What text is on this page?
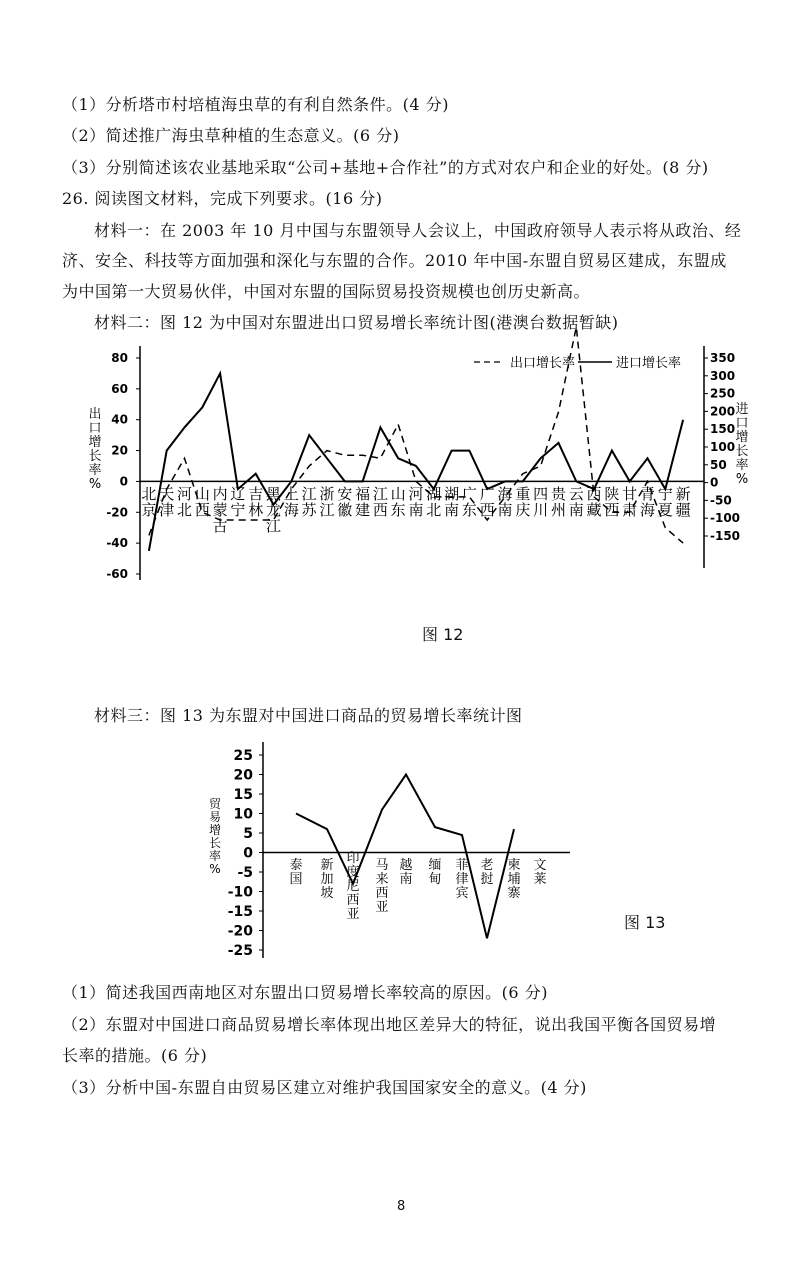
（1）分析塔市村培植海虫草的有利自然条件。(4 分)
（2）简述推广海虫草种植的生态意义。(6 分)
（3）分别简述该农业基地采取“公司+基地+合作社”的方式对农户和企业的好处。(8 分)
26. 阅读图文材料，完成下列要求。(16 分)
材料一：在 2003 年 10 月中国与东盟领导人会议上，中国政府领导人表示将从政治、经
济、安全、科技等方面加强和深化与东盟的合作。2010 年中国-东盟自贸易区建成，东盟成
为中国第一大贸易伙伴，中国对东盟的国际贸易投资规模也创历史新高。
材料二：图 12 为中国对东盟进出口贸易增长率统计图(港澳台数据暂缺)
80
60
40
20
0
-20
-40
-60
350
300
250
200
150
100
50
0
-50
-100
-150
出口增长率%
进口增长率%
出口增长率	进口增长率
北京
天津
河北
山西
内蒙古
辽宁
吉林
黑龙江
上海
江苏
浙江
安徽
福建
江西
山东
河南
湖北
湖南
广东
广西
海南
重庆
四川
贵州
云南
西藏
陕西
甘肃
青海
宁夏
新疆
图 12
材料三：图 13 为东盟对中国进口商品的贸易增长率统计图
25
20
15
10
5
0
-5
-10
-15
-20
-25
贸易增长率%	泰国
新加坡
印度尼西亚
马来西亚
越南
缅甸
菲律宾
老挝
柬埔寨
文莱
图 13
（1）简述我国西南地区对东盟出口贸易增长率较高的原因。(6 分)
（2）东盟对中国进口商品贸易增长率体现出地区差异大的特征，说出我国平衡各国贸易增
长率的措施。(6 分)
（3）分析中国-东盟自由贸易区建立对维护我国国家安全的意义。(4 分)
8
